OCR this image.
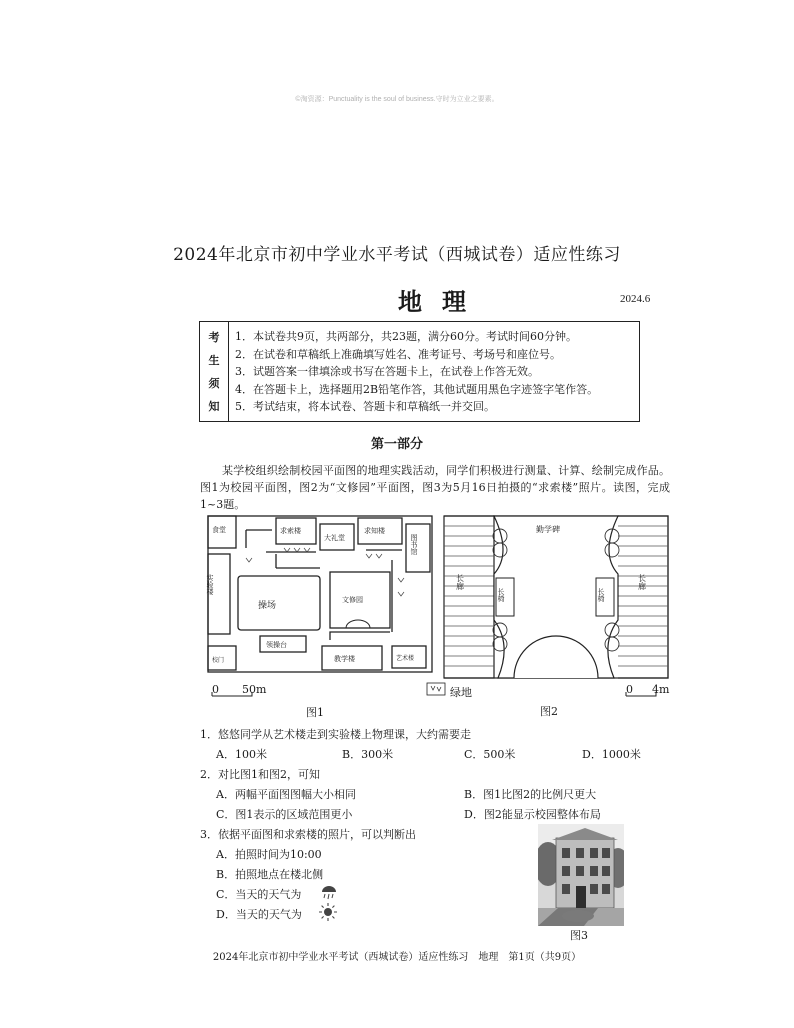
©淘资源：Punctuality is the soul of business.守时为立业之要素。
2024年北京市初中学业水平考试（西城试卷）适应性练习
地理	2024.6
考
生
须
知
1．本试卷共9页，共两部分，共23题，满分60分。考试时间60分钟。
2．在试卷和草稿纸上准确填写姓名、准考证号、考场号和座位号。
3．试题答案一律填涂或书写在答题卡上，在试卷上作答无效。
4．在答题卡上，选择题用2B铅笔作答，其他试题用黑色字迹签字笔作答。
5．考试结束，将本试卷、答题卡和草稿纸一并交回。
第一部分
某学校组织绘制校园平面图的地理实践活动，同学们积极进行测量、计算、绘制完成作品。图1为校园平面图，图2为“文修园”平面图，图3为5月16日拍摄的“求索楼”照片。读图，完成1~3题。
食堂
实验楼
求索楼
大礼堂
求知楼
图书馆
操场
文修园
领操台
校门	教学楼	艺术楼
0 50m	绿地
图1
勤学碑
长廊	长廊
长椅	长椅
0 4m
图2
1．悠悠同学从艺术楼走到实验楼上物理课，大约需要走
A．100米	B．300米	C．500米	D．1000米
2．对比图1和图2，可知
A．两幅平面图图幅大小相同	B．图1比图2的比例尺更大
C．图1表示的区域范围更小	D．图2能显示校园整体布局
3．依据平面图和求索楼的照片，可以判断出
A．拍照时间为10:00
B．拍照地点在楼北侧
C．当天的天气为
D．当天的天气为
图3
2024年北京市初中学业水平考试（西城试卷）适应性练习　地理　第1页（共9页）
